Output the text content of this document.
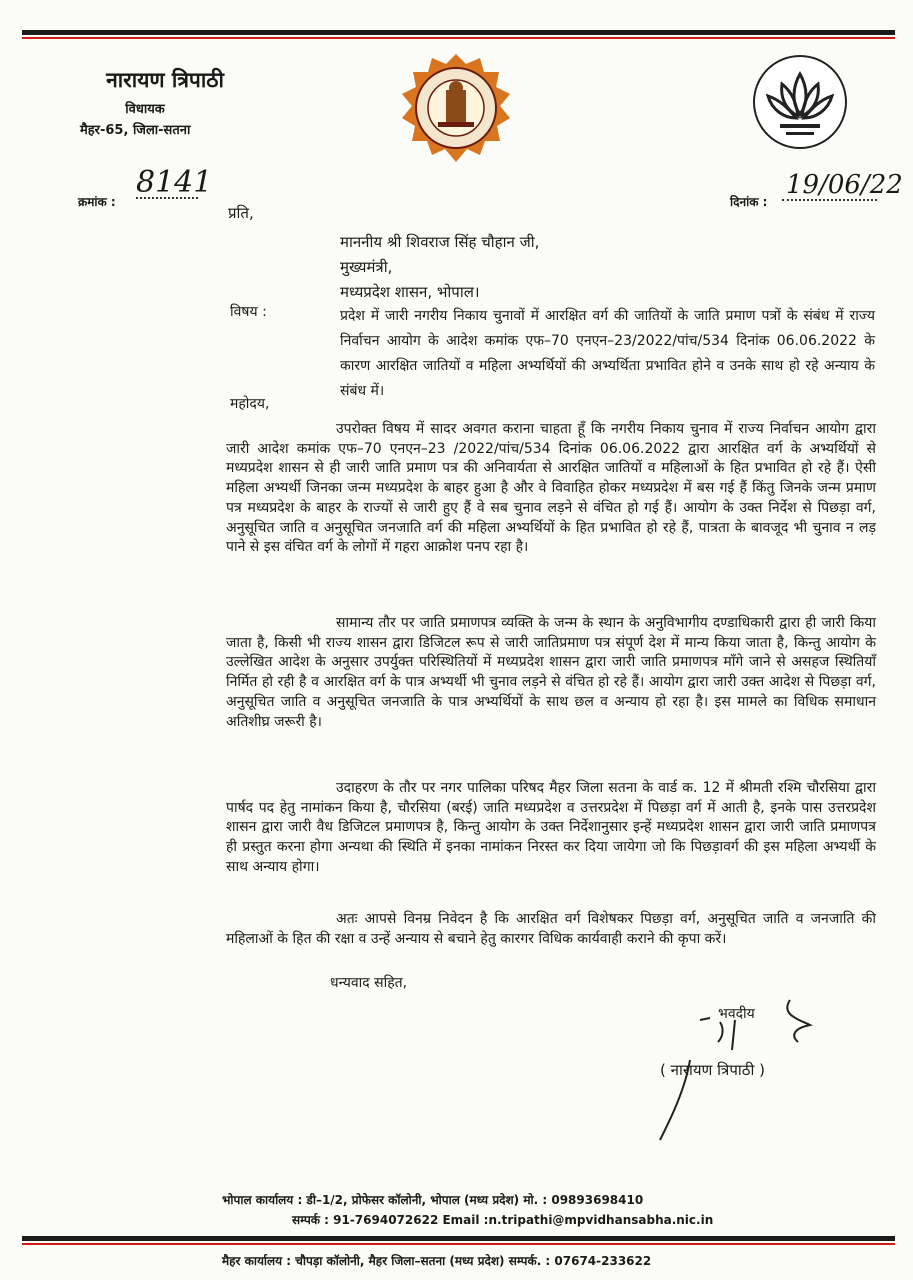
नारायण त्रिपाठी
विधायक
मैहर-65, जिला-सतना
क्रमांक :
8141
दिनांक :
19/06/22
प्रति,
माननीय श्री शिवराज सिंह चौहान जी,
मुख्यमंत्री,
मध्यप्रदेश शासन, भोपाल।
विषय :	प्रदेश में जारी नगरीय निकाय चुनावों में आरक्षित वर्ग की जातियों के जाति प्रमाण पत्रों के संबंध में राज्य निर्वाचन आयोग के आदेश कमांक एफ–70 एनएन–23/2022/पांच/534 दिनांक 06.06.2022 के कारण आरक्षित जातियों व महिला अभ्यर्थियों की अभ्यर्थिता प्रभावित होने व उनके साथ हो रहे अन्याय के संबंध में।
महोदय,
उपरोक्त विषय में सादर अवगत कराना चाहता हूँ कि नगरीय निकाय चुनाव में राज्य निर्वाचन आयोग द्वारा जारी आदेश कमांक एफ–70 एनएन–23 /2022/पांच/534 दिनांक 06.06.2022 द्वारा आरक्षित वर्ग के अभ्यर्थियों से मध्यप्रदेश शासन से ही जारी जाति प्रमाण पत्र की अनिवार्यता से आरक्षित जातियों व महिलाओं के हित प्रभावित हो रहे हैं। ऐसी महिला अभ्यर्थी जिनका जन्म मध्यप्रदेश के बाहर हुआ है और वे विवाहित होकर मध्यप्रदेश में बस गई हैं किंतु जिनके जन्म प्रमाण पत्र मध्यप्रदेश के बाहर के राज्यों से जारी हुए हैं वे सब चुनाव लड़ने से वंचित हो गई हैं। आयोग के उक्त निर्देश से पिछड़ा वर्ग, अनुसूचित जाति व अनुसूचित जनजाति वर्ग की महिला अभ्यर्थियों के हित प्रभावित हो रहे हैं, पात्रता के बावजूद भी चुनाव न लड़ पाने से इस वंचित वर्ग के लोगों में गहरा आक्रोश पनप रहा है।
सामान्य तौर पर जाति प्रमाणपत्र व्यक्ति के जन्म के स्थान के अनुविभागीय दण्डाधिकारी द्वारा ही जारी किया जाता है, किसी भी राज्य शासन द्वारा डिजिटल रूप से जारी जातिप्रमाण पत्र संपूर्ण देश में मान्य किया जाता है, किन्तु आयोग के उल्लेखित आदेश के अनुसार उपर्युक्त परिस्थितियों में मध्यप्रदेश शासन द्वारा जारी जाति प्रमाणपत्र माँगे जाने से असहज स्थितियाँ निर्मित हो रही है व आरक्षित वर्ग के पात्र अभ्यर्थी भी चुनाव लड़ने से वंचित हो रहे हैं। आयोग द्वारा जारी उक्त आदेश से पिछड़ा वर्ग, अनुसूचित जाति व अनुसूचित जनजाति के पात्र अभ्यर्थियों के साथ छल व अन्याय हो रहा है। इस मामले का विधिक समाधान अतिशीघ्र जरूरी है।
उदाहरण के तौर पर नगर पालिका परिषद मैहर जिला सतना के वार्ड क. 12 में श्रीमती रश्मि चौरसिया द्वारा पार्षद पद हेतु नामांकन किया है, चौरसिया (बरई) जाति मध्यप्रदेश व उत्तरप्रदेश में पिछड़ा वर्ग में आती है, इनके पास उत्तरप्रदेश शासन द्वारा जारी वैध डिजिटल प्रमाणपत्र है, किन्तु आयोग के उक्त निर्देशानुसार इन्हें मध्यप्रदेश शासन द्वारा जारी जाति प्रमाणपत्र ही प्रस्तुत करना होगा अन्यथा की स्थिति में इनका नामांकन निरस्त कर दिया जायेगा जो कि पिछड़ावर्ग की इस महिला अभ्यर्थी के साथ अन्याय होगा।
अतः आपसे विनम्र निवेदन है कि आरक्षित वर्ग विशेषकर पिछड़ा वर्ग, अनुसूचित जाति व जनजाति की महिलाओं के हित की रक्षा व उन्हें अन्याय से बचाने हेतु कारगर विधिक कार्यवाही कराने की कृपा करें।
धन्यवाद सहित,
भवदीय
( नारायण त्रिपाठी )
भोपाल कार्यालय : डी–1/2, प्रोफेसर कॉलोनी, भोपाल (मध्य प्रदेश) मो. : 09893698410
सम्पर्क : 91-7694072622 Email :n.tripathi@mpvidhansabha.nic.in
मैहर कार्यालय : चौपड़ा कॉलोनी, मैहर जिला–सतना (मध्य प्रदेश) सम्पर्क. : 07674-233622
